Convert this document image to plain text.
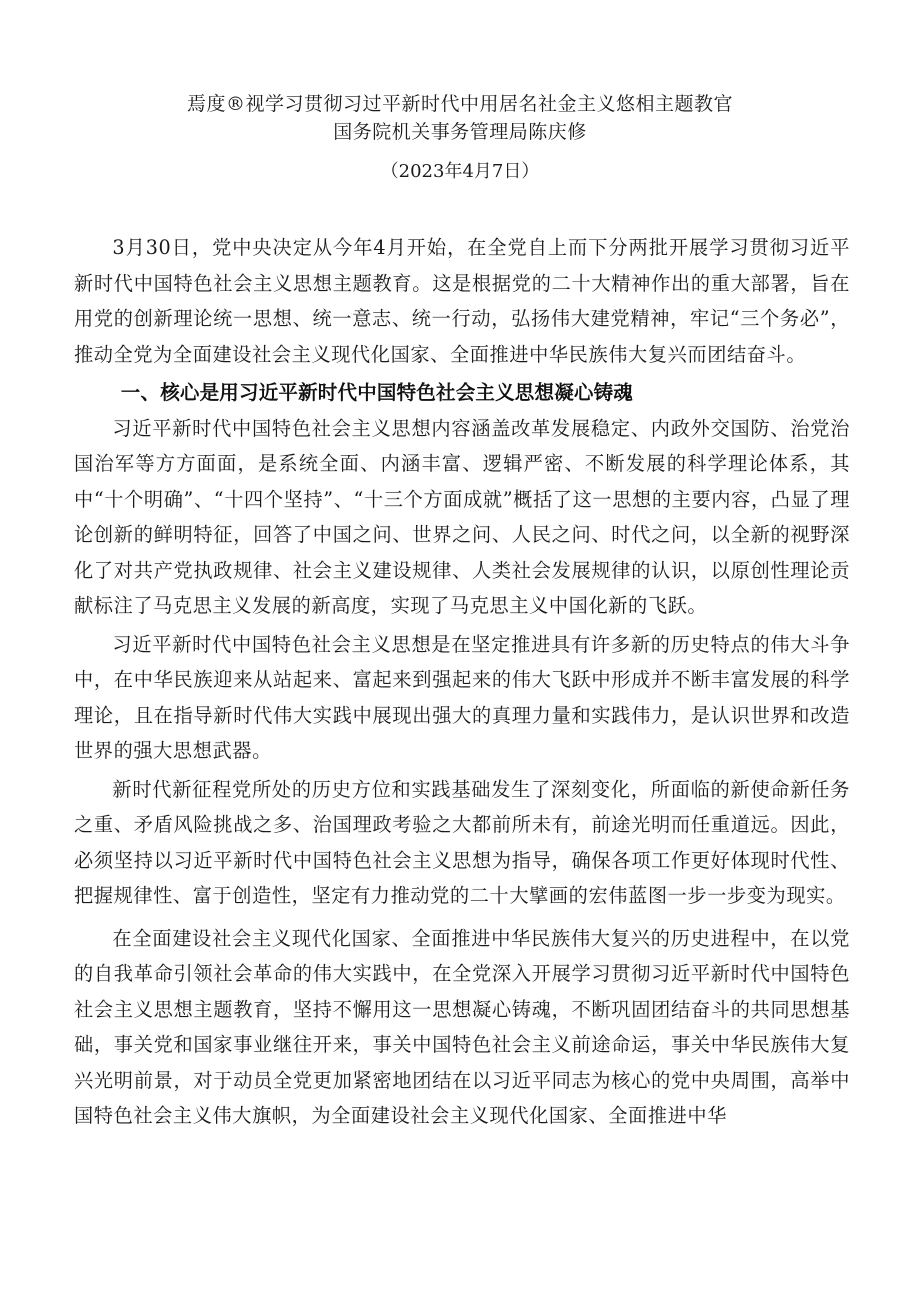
焉度®视学习贯彻习过平新时代中用居名社金主义悠相主题教官
国务院机关事务管理局陈庆修
（2023年4月7日）

3月30日，党中央决定从今年4月开始，在全党自上而下分两批开展学习贯彻习近平新时代中国特色社会主义思想主题教育。这是根据党的二十大精神作出的重大部署，旨在用党的创新理论统一思想、统一意志、统一行动，弘扬伟大建党精神，牢记“三个务必”，推动全党为全面建设社会主义现代化国家、全面推进中华民族伟大复兴而团结奋斗。

一、核心是用习近平新时代中国特色社会主义思想凝心铸魂

习近平新时代中国特色社会主义思想内容涵盖改革发展稳定、内政外交国防、治党治国治军等方方面面，是系统全面、内涵丰富、逻辑严密、不断发展的科学理论体系，其中“十个明确”、“十四个坚持”、“十三个方面成就”概括了这一思想的主要内容，凸显了理论创新的鲜明特征，回答了中国之问、世界之问、人民之问、时代之问，以全新的视野深化了对共产党执政规律、社会主义建设规律、人类社会发展规律的认识，以原创性理论贡献标注了马克思主义发展的新高度，实现了马克思主义中国化新的飞跃。

习近平新时代中国特色社会主义思想是在坚定推进具有许多新的历史特点的伟大斗争中，在中华民族迎来从站起来、富起来到强起来的伟大飞跃中形成并不断丰富发展的科学理论，且在指导新时代伟大实践中展现出强大的真理力量和实践伟力，是认识世界和改造世界的强大思想武器。

新时代新征程党所处的历史方位和实践基础发生了深刻变化，所面临的新使命新任务之重、矛盾风险挑战之多、治国理政考验之大都前所未有，前途光明而任重道远。因此，必须坚持以习近平新时代中国特色社会主义思想为指导，确保各项工作更好体现时代性、把握规律性、富于创造性，坚定有力推动党的二十大擘画的宏伟蓝图一步一步变为现实。

在全面建设社会主义现代化国家、全面推进中华民族伟大复兴的历史进程中，在以党的自我革命引领社会革命的伟大实践中，在全党深入开展学习贯彻习近平新时代中国特色社会主义思想主题教育，坚持不懈用这一思想凝心铸魂，不断巩固团结奋斗的共同思想基础，事关党和国家事业继往开来，事关中国特色社会主义前途命运，事关中华民族伟大复兴光明前景，对于动员全党更加紧密地团结在以习近平同志为核心的党中央周围，高举中国特色社会主义伟大旗帜，为全面建设社会主义现代化国家、全面推进中华
